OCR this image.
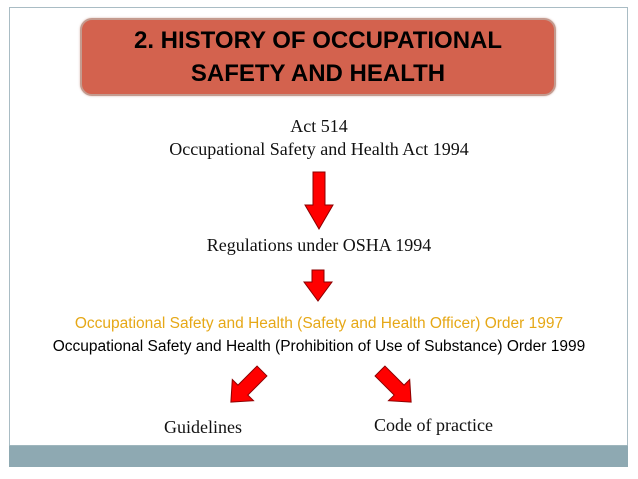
2. HISTORY OF OCCUPATIONAL
SAFETY AND HEALTH
Act 514
Occupational Safety and Health Act 1994
Regulations under OSHA 1994
Occupational Safety and Health (Safety and Health Officer) Order 1997
Occupational Safety and Health (Prohibition of Use of Substance) Order 1999
Guidelines	Code of practice
